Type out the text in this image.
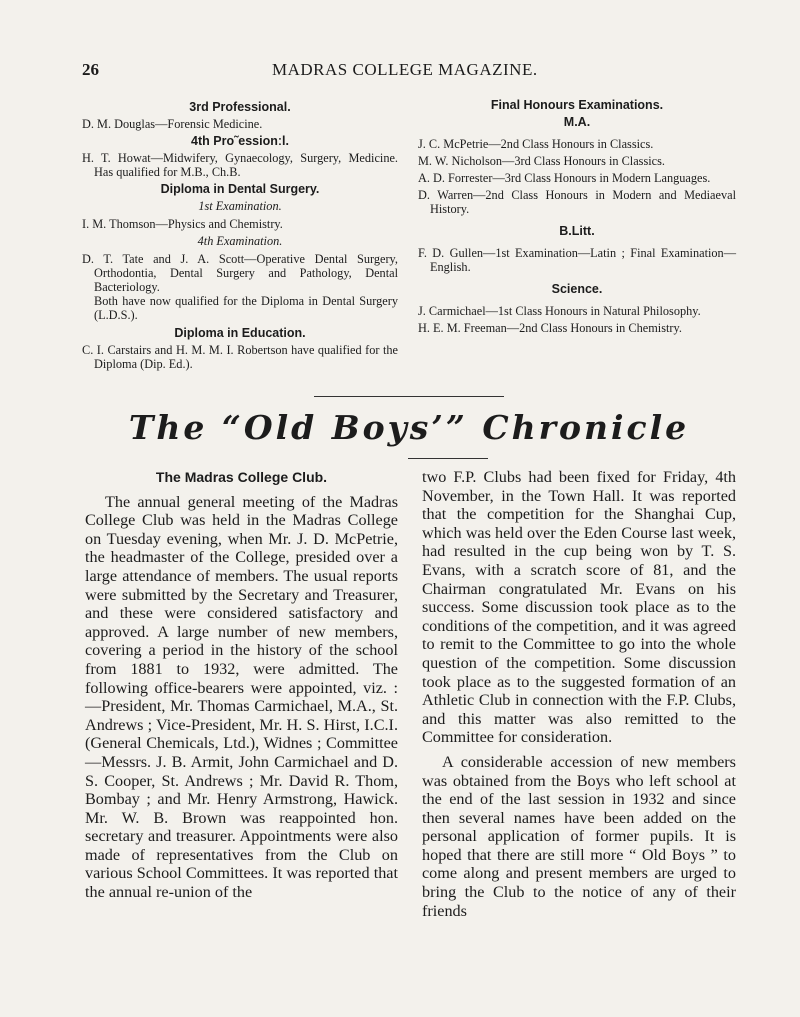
26	MADRAS COLLEGE MAGAZINE.
3rd Professional.
D. M. Douglas—Forensic Medicine.
4th Pro˜essionːl.
H. T. Howat—Midwifery, Gynaecology, Surgery, Medicine. Has qualified for M.B., Ch.B.
Diploma in Dental Surgery.
1st Examination.
I. M. Thomson—Physics and Chemistry.
4th Examination.
D. T. Tate and J. A. Scott—Operative Dental Surgery, Orthodontia, Dental Surgery and Pathology, Dental Bacteriology.
Both have now qualified for the Diploma in Dental Surgery (L.D.S.).
Diploma in Education.
C. I. Carstairs and H. M. M. I. Robertson have qualified for the Diploma (Dip. Ed.).
Final Honours Examinations.
M.A.
J. C. McPetrie—2nd Class Honours in Classics.
M. W. Nicholson—3rd Class Honours in Classics.
A. D. Forrester—3rd Class Honours in Modern Languages.
D. Warren—2nd Class Honours in Modern and Mediaeval History.
B.Litt.
F. D. Gullen—1st Examination—Latin ; Final Examination—English.
Science.
J. Carmichael—1st Class Honours in Natural Philosophy.
H. E. M. Freeman—2nd Class Honours in Chemistry.
The “Old Boys’” Chronicle
The Madras College Club.
The annual general meeting of the Madras College Club was held in the Madras College on Tuesday evening, when Mr. J. D. McPetrie, the headmaster of the College, presided over a large attendance of members. The usual reports were submitted by the Secretary and Treasurer, and these were considered satisfactory and approved. A large number of new members, covering a period in the history of the school from 1881 to 1932, were admitted. The following office-bearers were appointed, viz. :—President, Mr. Thomas Carmichael, M.A., St. Andrews ; Vice-President, Mr. H. S. Hirst, I.C.I. (General Chemicals, Ltd.), Widnes ; Committee—Messrs. J. B. Armit, John Carmichael and D. S. Cooper, St. Andrews ; Mr. David R. Thom, Bombay ; and Mr. Henry Armstrong, Hawick. Mr. W. B. Brown was reappointed hon. secretary and treasurer. Appointments were also made of representatives from the Club on various School Committees. It was reported that the annual re-union of the
two F.P. Clubs had been fixed for Friday, 4th November, in the Town Hall. It was reported that the competition for the Shanghai Cup, which was held over the Eden Course last week, had resulted in the cup being won by T. S. Evans, with a scratch score of 81, and the Chairman congratulated Mr. Evans on his success. Some discussion took place as to the conditions of the competition, and it was agreed to remit to the Committee to go into the whole question of the competition. Some discussion took place as to the suggested formation of an Athletic Club in connection with the F.P. Clubs, and this matter was also remitted to the Committee for consideration.
A considerable accession of new members was obtained from the Boys who left school at the end of the last session in 1932 and since then several names have been added on the personal application of former pupils. It is hoped that there are still more “ Old Boys ” to come along and present members are urged to bring the Club to the notice of any of their friends
